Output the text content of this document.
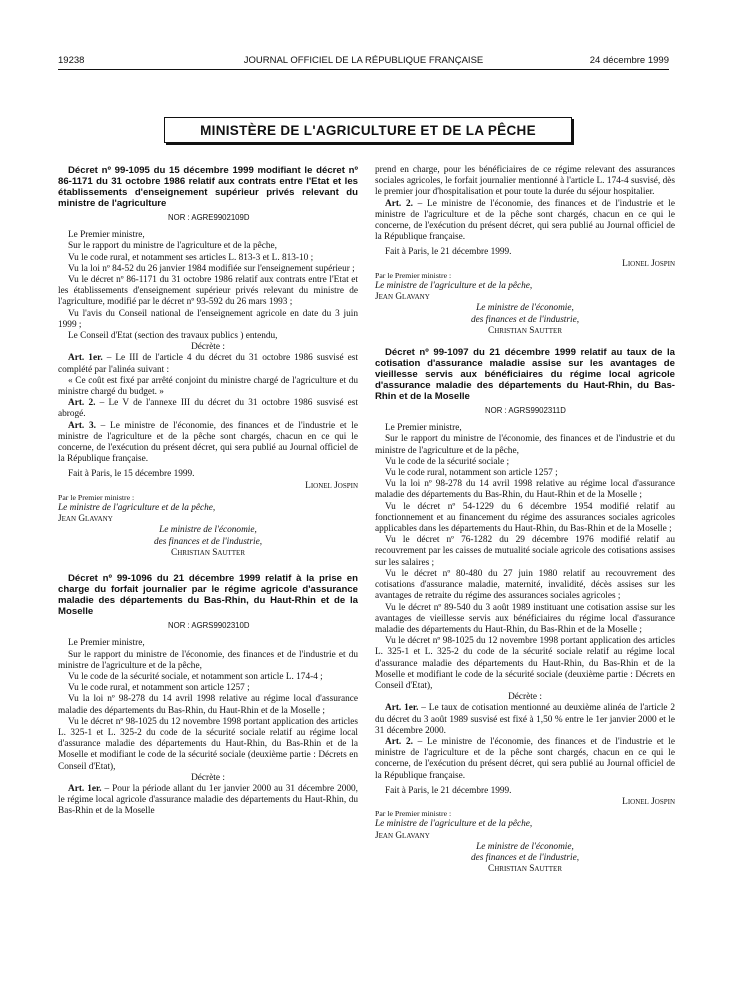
19238	JOURNAL OFFICIEL DE LA RÉPUBLIQUE FRANÇAISE	24 décembre 1999
MINISTÈRE DE L'AGRICULTURE ET DE LA PÊCHE

Décret nº 99-1095 du 15 décembre 1999 modifiant le décret nº 86-1171 du 31 octobre 1986 relatif aux contrats entre l'Etat et les établissements d'enseignement supérieur privés relevant du ministre de l'agriculture

NOR : AGRE9902109D

Le Premier ministre,

Sur le rapport du ministre de l'agriculture et de la pêche,

Vu le code rural, et notamment ses articles L. 813-3 et L. 813-10 ;

Vu la loi nº 84-52 du 26 janvier 1984 modifiée sur l'enseignement supérieur ;

Vu le décret nº 86-1171 du 31 octobre 1986 relatif aux contrats entre l'Etat et les établissements d'enseignement supérieur privés relevant du ministre de l'agriculture, modifié par le décret nº 93-592 du 26 mars 1993 ;

Vu l'avis du Conseil national de l'enseignement agricole en date du 3 juin 1999 ;

Le Conseil d'Etat (section des travaux publics ) entendu,

Décrète :

Art. 1er. – Le III de l'article 4 du décret du 31 octobre 1986 susvisé est complété par l'alinéa suivant :

« Ce coût est fixé par arrêté conjoint du ministre chargé de l'agriculture et du ministre chargé du budget. »

Art. 2. – Le V de l'annexe III du décret du 31 octobre 1986 susvisé est abrogé.

Art. 3. – Le ministre de l'économie, des finances et de l'industrie et le ministre de l'agriculture et de la pêche sont chargés, chacun en ce qui le concerne, de l'exécution du présent décret, qui sera publié au Journal officiel de la République française.

Fait à Paris, le 15 décembre 1999.

Lionel Jospin

Par le Premier ministre :

Le ministre de l'agriculture et de la pêche,

Jean Glavany

Le ministre de l'économie,

des finances et de l'industrie,

Christian Sautter

Décret nº 99-1096 du 21 décembre 1999 relatif à la prise en charge du forfait journalier par le régime agricole d'assurance maladie des départements du Bas-Rhin, du Haut-Rhin et de la Moselle

NOR : AGRS9902310D

Le Premier ministre,

Sur le rapport du ministre de l'économie, des finances et de l'industrie et du ministre de l'agriculture et de la pêche,

Vu le code de la sécurité sociale, et notamment son article L. 174-4 ;

Vu le code rural, et notamment son article 1257 ;

Vu la loi nº 98-278 du 14 avril 1998 relative au régime local d'assurance maladie des départements du Bas-Rhin, du Haut-Rhin et de la Moselle ;

Vu le décret nº 98-1025 du 12 novembre 1998 portant application des articles L. 325-1 et L. 325-2 du code de la sécurité sociale relatif au régime local d'assurance maladie des départements du Haut-Rhin, du Bas-Rhin et de la Moselle et modifiant le code de la sécurité sociale (deuxième partie : Décrets en Conseil d'Etat),

Décrète :

Art. 1er. – Pour la période allant du 1er janvier 2000 au 31 décembre 2000, le régime local agricole d'assurance maladie des départements du Haut-Rhin, du Bas-Rhin et de la Moselle

prend en charge, pour les bénéficiaires de ce régime relevant des assurances sociales agricoles, le forfait journalier mentionné à l'article L. 174-4 susvisé, dès le premier jour d'hospitalisation et pour toute la durée du séjour hospitalier.

Art. 2. – Le ministre de l'économie, des finances et de l'industrie et le ministre de l'agriculture et de la pêche sont chargés, chacun en ce qui le concerne, de l'exécution du présent décret, qui sera publié au Journal officiel de la République française.

Fait à Paris, le 21 décembre 1999.

Lionel Jospin

Par le Premier ministre :

Le ministre de l'agriculture et de la pêche,

Jean Glavany

Le ministre de l'économie,

des finances et de l'industrie,

Christian Sautter

Décret nº 99-1097 du 21 décembre 1999 relatif au taux de la cotisation d'assurance maladie assise sur les avantages de vieillesse servis aux bénéficiaires du régime local agricole d'assurance maladie des départements du Haut-Rhin, du Bas-Rhin et de la Moselle

NOR : AGRS9902311D

Le Premier ministre,

Sur le rapport du ministre de l'économie, des finances et de l'industrie et du ministre de l'agriculture et de la pêche,

Vu le code de la sécurité sociale ;

Vu le code rural, notamment son article 1257 ;

Vu la loi nº 98-278 du 14 avril 1998 relative au régime local d'assurance maladie des départements du Bas-Rhin, du Haut-Rhin et de la Moselle ;

Vu le décret nº 54-1229 du 6 décembre 1954 modifié relatif au fonctionnement et au financement du régime des assurances sociales agricoles applicables dans les départements du Haut-Rhin, du Bas-Rhin et de la Moselle ;

Vu le décret nº 76-1282 du 29 décembre 1976 modifié relatif au recouvrement par les caisses de mutualité sociale agricole des cotisations assises sur les salaires ;

Vu le décret nº 80-480 du 27 juin 1980 relatif au recouvrement des cotisations d'assurance maladie, maternité, invalidité, décès assises sur les avantages de retraite du régime des assurances sociales agricoles ;

Vu le décret nº 89-540 du 3 août 1989 instituant une cotisation assise sur les avantages de vieillesse servis aux bénéficiaires du régime local d'assurance maladie des départements du Haut-Rhin, du Bas-Rhin et de la Moselle ;

Vu le décret nº 98-1025 du 12 novembre 1998 portant application des articles L. 325-1 et L. 325-2 du code de la sécurité sociale relatif au régime local d'assurance maladie des départements du Haut-Rhin, du Bas-Rhin et de la Moselle et modifiant le code de la sécurité sociale (deuxième partie : Décrets en Conseil d'Etat),

Décrète :

Art. 1er. – Le taux de cotisation mentionné au deuxième alinéa de l'article 2 du décret du 3 août 1989 susvisé est fixé à 1,50 % entre le 1er janvier 2000 et le 31 décembre 2000.

Art. 2. – Le ministre de l'économie, des finances et de l'industrie et le ministre de l'agriculture et de la pêche sont chargés, chacun en ce qui le concerne, de l'exécution du présent décret, qui sera publié au Journal officiel de la République française.

Fait à Paris, le 21 décembre 1999.

Lionel Jospin

Par le Premier ministre :

Le ministre de l'agriculture et de la pêche,

Jean Glavany

Le ministre de l'économie,

des finances et de l'industrie,

Christian Sautter
